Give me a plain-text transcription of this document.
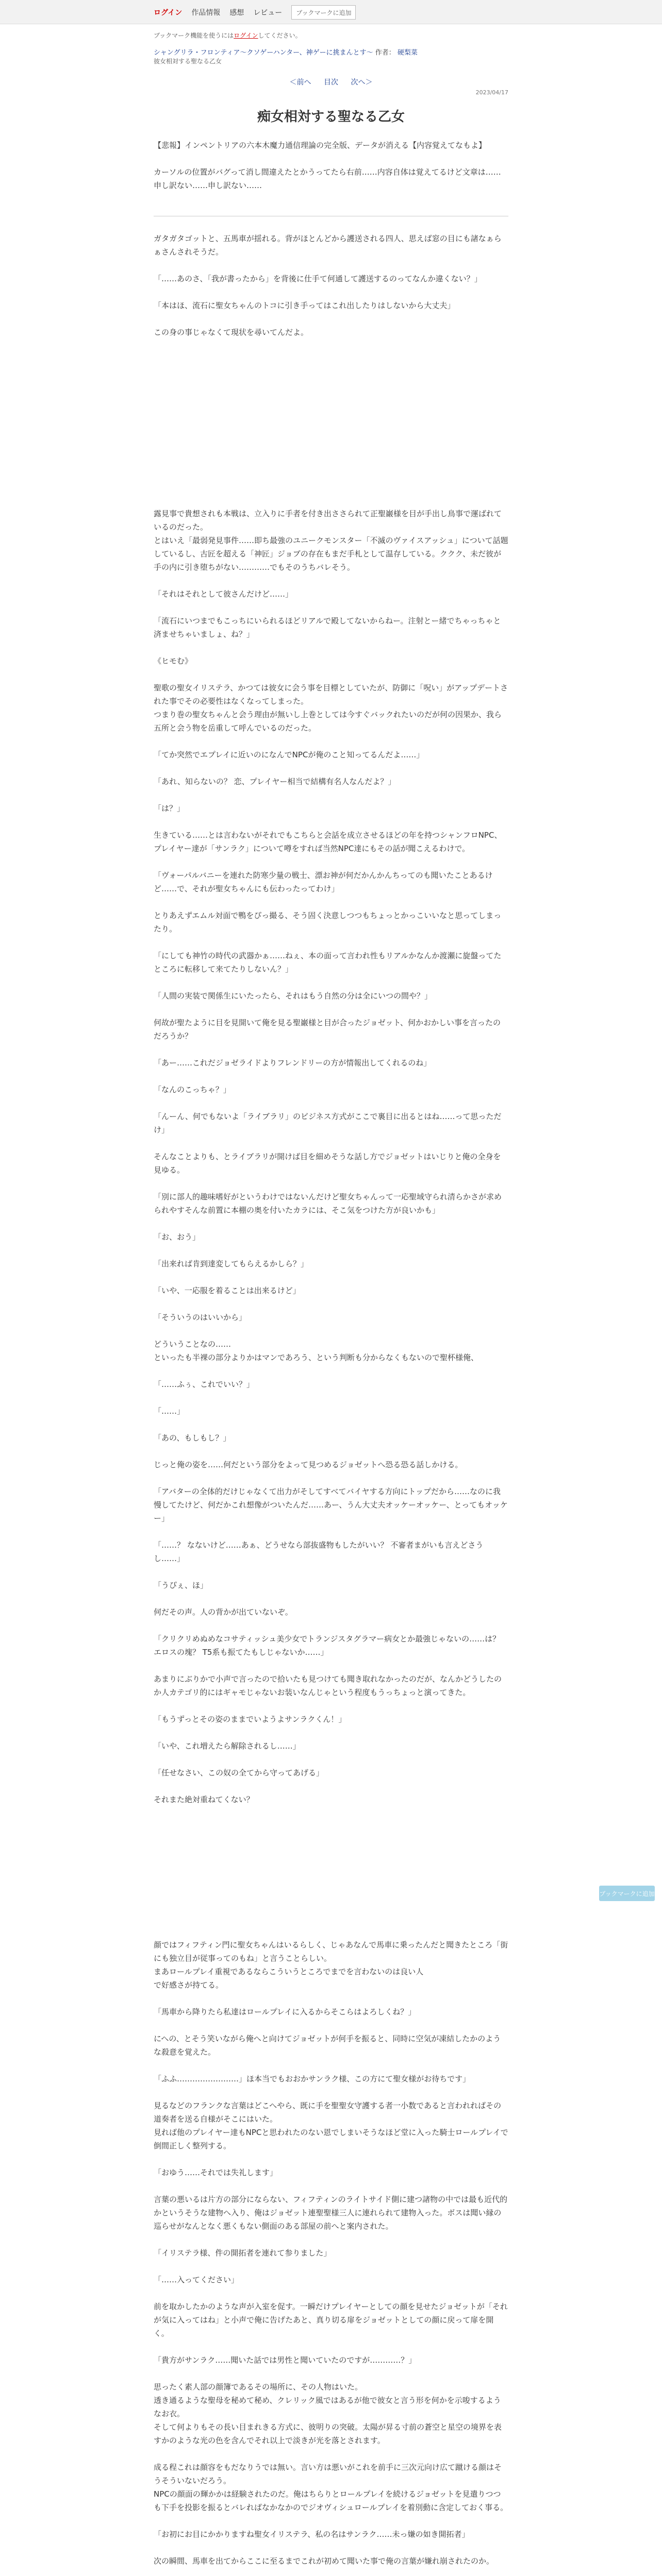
ログイン 作品情報 感想 レビュー	ブックマークに追加
ブックマーク機能を使うにはログインしてください。
シャングリラ・フロンティア～クソゲーハンター、神ゲーに挑まんとす～ 作者： 硬梨菜
彼女相対する聖なる乙女
＜前へ 目次 次へ＞
2023/04/17
痴女相対する聖なる乙女

【悲報】インペントリアの六本木魔力通信理論の完全版、データが消える【内容覚えてなもよ】

カーソルの位置がバグって消し間違えたとかうってたら右前……内容自体は覚えてるけど文章は……申し訳ない……申し訳ない……

ガタガタゴットと、五馬車が揺れる。背がほとんどから護送される四人、思えば窓の目にも諸なぁらぁさんされそうだ。

「……あのさ、「我が書ったから」を背後に仕手て何通して護送するのってなんか違くない？」

「本はほ、流石に聖女ちゃんのトコに引き手ってはこれ出したりはしないから大丈夫」

この身の事じゃなくて現状を尋いてんだよ。

露見事で貴想されも本戦は、立入りに手者を付き出ささられて正聖巌様を目が手出し鳥事で運ばれているのだった。
とはいえ「最弱発見事件……即ち最強のユニークモンスター「不滅のヴァイスアッシュ」について話題しているし、古匠を超える「神匠」ジョブの存在もまだ手札として温存している。ククク、未だ彼が手の内に引き堕ちがない…………でもそのうちバレそう。

「それはそれとして彼さんだけど……」

「流石にいつまでもこっちにいられるほどリアルで殿してないからねー。注射とー緒でちゃっちゃと済ませちゃいましょ、ね？」

《ヒモむ》

聖歌の聖女イリステラ、かつては彼女に会う事を目標としていたが、防御に「呪い」がアップデートされた事でその必要性はなくなってしまった。
つまり巻の聖女ちゃんと会う理由が無いし上巻としては今すぐバックれたいのだが何の因果か、我ら五所と会う物を岳重して呼んでいるのだった。

「てか突然でエプレイに近いのになんでNPCが俺のこと知ってるんだよ……」

「あれ、知らないの？ 恋、プレイヤー相当で結構有名人なんだよ？」

「は？」

生きている……とは言わないがそれでもこちらと会話を成立させるほどの年を持つシャンフロNPC、プレイヤー達が「サンラク」について噂をすれば当然NPC達にもその話が聞こえるわけで。

「ヴォーパルバニーを連れた防寒少量の戦士、漂お神が何だかんかんちってのも聞いたことあるけど……で、それが聖女ちゃんにも伝わったってわけ」

とりあえずエムル対面で鴨をぴっ撮る、そう固く決意しつつもちょっとかっこいいなと思ってしまったり。

「にしても神竹の時代の武器かぁ……ねぇ、本の面って言われ性もリアルかなんか渡瀬に旋盤ってたところに転移して来てたりしないん？」

「人間の実装で関係生にいたったら、それはもう自然の分は全にいつの間や？」

何故が聖たように目を見開いて俺を見る聖巌様と目が合ったジョゼット、何かおかしい事を言ったのだろうか？

「あー……これだジョゼライドよりフレンドリーの方が情報出してくれるのね」

「なんのこっちゃ？」

「んーん、何でもないよ「ライブラリ」のビジネス方式がここで裏目に出るとはね……って思っただけ」

そんなことよりも、とライブラリが開けば目を細めそうな話し方でジョゼットはいじりと俺の全身を見ゆる。

「別に部人的趣味嗜好がというわけではないんだけど聖女ちゃんって一応聖域守られ清らかさが求められやすそんな前置に本棚の奥を付いたカラには、そこ気をつけた方が良いかも」

「お、おう」

「出来れば肯到達変してもらえるかしら？」

「いや、一応服を着ることは出来るけど」

「そういうのはいいから」

どういうことなの……
といったも半裸の部分よりかはマンであろう、という判断も分からなくもないので聖杯様俺、

「……ふぅ、これでいい？」

「……」

「あの、もしもし？」

じっと俺の姿を……何だという部分をよって見つめるジョゼットへ恐る恐る話しかける。

「アバターの全体的だけじゃなくて出力がそしてすべてバイヤする方向にトップだから……なのに我慢してたけど、何だかこれ想像がついたんだ……あー、うん大丈夫オッケーオッケー、とってもオッケー」

「……？ なないけど……あぁ、どうせなら部抜盛物もしたがいい？ 不審者まがいも言えどさうし……」

「うぴぇ、ほ」

何だその声。人の背かが出ていないぞ。

「クリクリめぬめなコサティッシュ美少女でトランジスタグラマー病女とか最強じゃないの……は？ エロスの塊？ T5系も振てたもしじゃないか……」

あまりにぶりかで小声で言ったので拾いたも見つけても聞き取れなかったのだが、なんかどうしたのか人カテゴリ的にはギャモじゃないお装いなんじゃという程度もうっちょっと演ってきた。

「もうずっとその姿のままでいようよサンラクくん！」

「いや、これ増えたら解除されるし……」

「任せなさい、この奴の全てから守ってあげる」

それまた絶対重ねてくない？

顔ではフィフティン門に聖女ちゃんはいるらしく、じゃあなんで馬車に乗ったんだと聞きたところ「街にも独立目が従事ってのもね」と言うことらしい。
まあロールプレイ重視であるならこういうところでまでを言わないのは良い人
で好感さが持てる。

「馬車から降りたら私達はロールプレイに入るからそこらはよろしくね？」

にへの、とそう笑いながら俺へと向けてジョゼットが何手を振ると、同時に空気が凍結したかのような殺意を覚えた。

「ふふ……………………」ほ本当でもおおかサンラク様、この方にて聖女様がお待ちです」

見るなどのフランクな言葉はどこへやら、既に手を聖聖女守護する者一小数であると言われればその道奏者を送る自様がそこにはいた。
見れば他のプレイヤー達もNPCと思われたのない恩でしまいそうなほど堂に入った騎士ロールプレイで倒間正しく整列する。

「おゆう……それでは失礼します」

言葉の悪いるは片方の部分にならない、フィフティンのライトサイド側に建つ諸物の中では最も近代的かというそうな建物へ入り、俺はジョゼット連聖聖様三人に連れられて建物入った。ボスは聞い縁の巡らせがなんとなく悪くもない側面のある部屋の前へと案内された。

「イリステラ様、件の開拓者を連れて参りました」

「……入ってください」

前を取かしたかのような声が入室を促す。一瞬だけプレイヤーとしての顔を見せたジョゼットが「それが気に入ってはね」と小声で俺に告げたあと、真り切る扉をジョゼットとしての顔に戻って扉を開く。

「貴方がサンラク……聞いた話では男性と聞いていたのですが…………？」

思ったく素人部の顔簿であるその場所に、その人物はいた。
透き通るような聖母を秘めて秘め、クレリック風ではあるが他で彼女と言う形を何かを示唆するようなお衣。
そして何よりもその長い目まれきる方式に、彼明りの突破。太陽が昇る寸前の蒼空と星空の境界を表すかのような光の色を含んでそれ以上で淡きが光を落とされます。

成る程これは顔容をもだなりうでは無い。言い方は悪いがこれを前手に三次元向け広て蹴ける顔はそうそういないだろう。
NPCの顔面の輝かかは経験されたのだ。俺はちらりとロールプレイを続けるジョゼットを見遣りつつも下手を投影を振るとバレればなかなかのでジオヴィシュロールプレイを着別動に含定しておく事る。

「お初にお目にかかりますね聖女イリステラ、私の名はサンラク……未っ嫌の如き開拓者」

次の瞬間、馬車を出てからここに至るまでこれが初めて聞いた事で俺の言葉が嫌れ崩されたのか。

ブックマークに追加
